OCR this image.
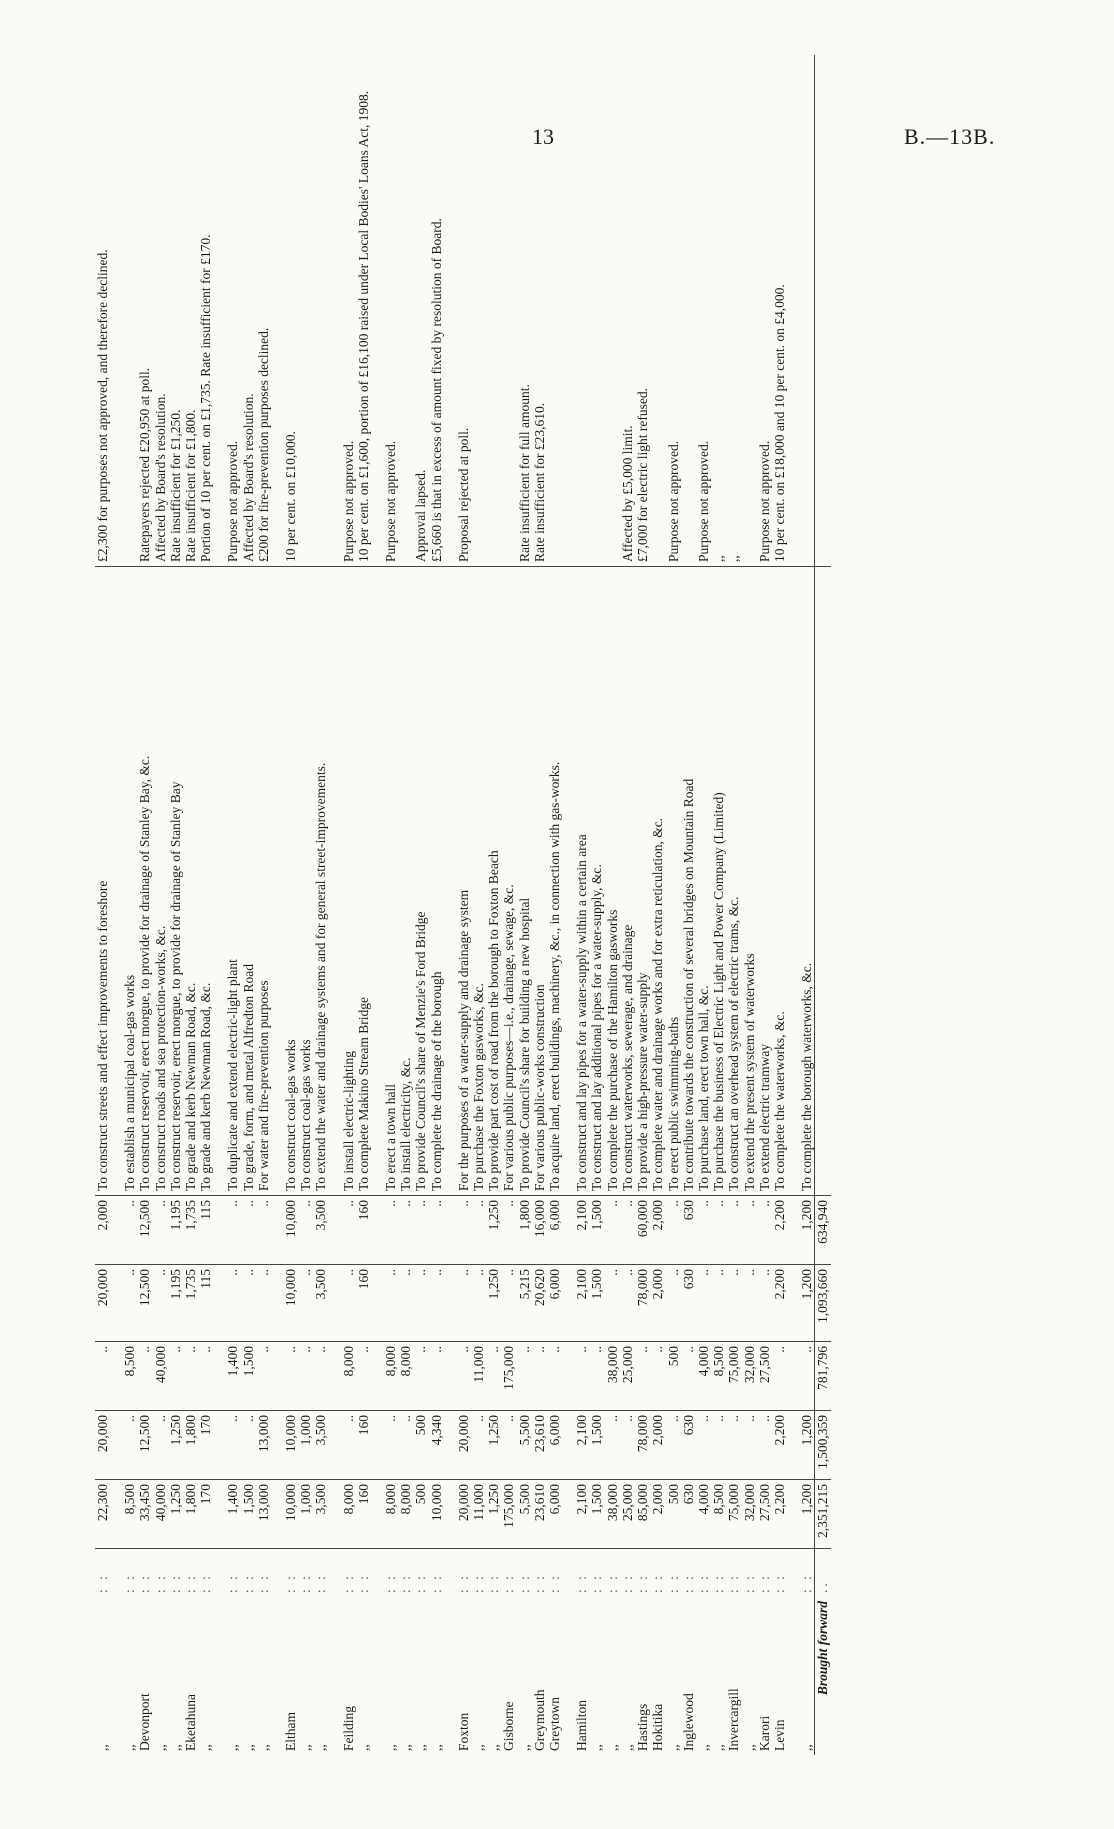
13	B.—13B.
,,	: :	22,300	20,000	..	20,000	2,000	To construct streets and effect improvements to foreshore	£2,300 for purposes not approved, and therefore declined.

,,	: :	8,500	..	8,500	..	..	To establish a municipal coal-gas works	
Devonport	: :	33,450	12,500	..	12,500	12,500	To construct reservoir, erect morgue, to provide for drainage of Stanley Bay, &c.	Ratepayers rejected £20,950 at poll.
,,	: :	40,000	..	40,000	..	..	To construct roads and sea protection-works, &c.	Affected by Board's resolution.
,,	: :	1,250	1,250	..	1,195	1,195	To construct reservoir, erect morgue, to provide for drainage of Stanley Bay	Rate insufficient for £1,250.
Eketahuna	: :	1,800	1,800	..	1,735	1,735	To grade and kerb Newman Road, &c.	Rate insufficient for £1,800.
,,	: :	170	170	..	115	115	To grade and kerb Newman Road, &c.	Portion of 10 per cent. on £1,735. Rate insufficient for £170.

,,	: :	1,400	..	1,400	..	..	To duplicate and extend electric-light plant	Purpose not approved.
,,	: :	1,500	..	1,500	..	..	To grade, form, and metal Alfredton Road	Affected by Board's resolution.
,,	: :	13,000	13,000	..	..	..	For water and fire-prevention purposes	£200 for fire-prevention purposes declined.

Eltham	: :	10,000	10,000	..	10,000	10,000	To construct coal-gas works	10 per cent. on £10,000.
,,	: :	1,000	1,000	..	..	..	To construct coal-gas works	
,,	: :	3,500	3,500	..	3,500	3,500	To extend the water and drainage systems and for general street-improvements.	

Feilding	: :	8,000	..	8,000	..	..	To install electric-lighting	Purpose not approved.
,,	: :	160	160	..	160	160	To complete Makino Stream Bridge	10 per cent. on £1,600, portion of £16,100 raised under Local Bodies' Loans Act, 1908.

,,	: :	8,000	..	8,000	..	..	To erect a town hall	Purpose not approved.
,,	: :	8,000	..	8,000	..	..	To install electricity, &c.	
,,	: :	500	500	..	..	..	To provide Council's share of Menzie's Ford Bridge	Approval lapsed.
,,	: :	10,000	4,340	..	..	..	To complete the drainage of the borough	£5,660 is that in excess of amount fixed by resolution of Board.

Foxton	: :	20,000	20,000	..	..	..	For the purposes of a water-supply and drainage system	Proposal rejected at poll.
,,	: :	11,000	..	11,000	..	..	To purchase the Foxton gasworks, &c.	
,,	: :	1,250	1,250	..	1,250	1,250	To provide part cost of road from the borough to Foxton Beach	
Gisborne	: :	175,000	..	175,000	..	..	For various public purposes—i.e., drainage, sewage, &c.	
,,	: :	5,500	5,500	..	5,215	1,800	To provide Council's share for building a new hospital	Rate insufficient for full amount.
Greymouth	: :	23,610	23,610	..	20,620	16,000	For various public-works construction	Rate insufficient for £23,610.
Greytown	: :	6,000	6,000	..	6,000	6,000	To acquire land, erect buildings, machinery, &c., in connection with gas-works.	

Hamilton	: :	2,100	2,100	..	2,100	2,100	To construct and lay pipes for a water-supply within a certain area	
,,	: :	1,500	1,500	..	1,500	1,500	To construct and lay additional pipes for a water-supply, &c.	
,,	: :	38,000	..	38,000	..	..	To complete the purchase of the Hamilton gasworks	
,,	: :	25,000	..	25,000	..	..	To construct waterworks, sewerage, and drainage	Affected by £5,000 limit.
Hastings	: :	85,000	78,000	..	78,000	60,000	To provide a high-pressure water-supply	£7,000 for electric light refused.
Hokitika	: :	2,000	2,000	..	2,000	2,000	To complete water and drainage works and for extra reticulation, &c.	
,,	: :	500	..	500	..	..	To erect public swimming-baths	Purpose not approved.
Inglewood	: :	630	630	..	630	630	To contribute towards the construction of several bridges on Mountain Road	
,,	: :	4,000	..	4,000	..	..	To purchase land, erect town hall, &c.	Purpose not approved.
,,	: :	8,500	..	8,500	..	..	To purchase the business of Electric Light and Power Company (Limited)	,,
Invercargill	: :	75,000	..	75,000	..	..	To construct an overhead system of electric trams, &c.	,,
,,	: :	32,000	..	32,000	..	..	To extend the present system of waterworks	
Karori	: :	27,500	..	27,500	..	..	To extend electric tramway	Purpose not approved.
Levin	: :	2,200	2,200	..	2,200	2,200	To complete the waterworks, &c.	10 per cent. on £18,000 and 10 per cent. on £4,000.

,,	: :	1,200	1,200	..	1,200	1,200	To complete the borough waterworks, &c.	
Brought forward	..	2,351,215	1,500,359	781,796	1,093,660	634,940		
